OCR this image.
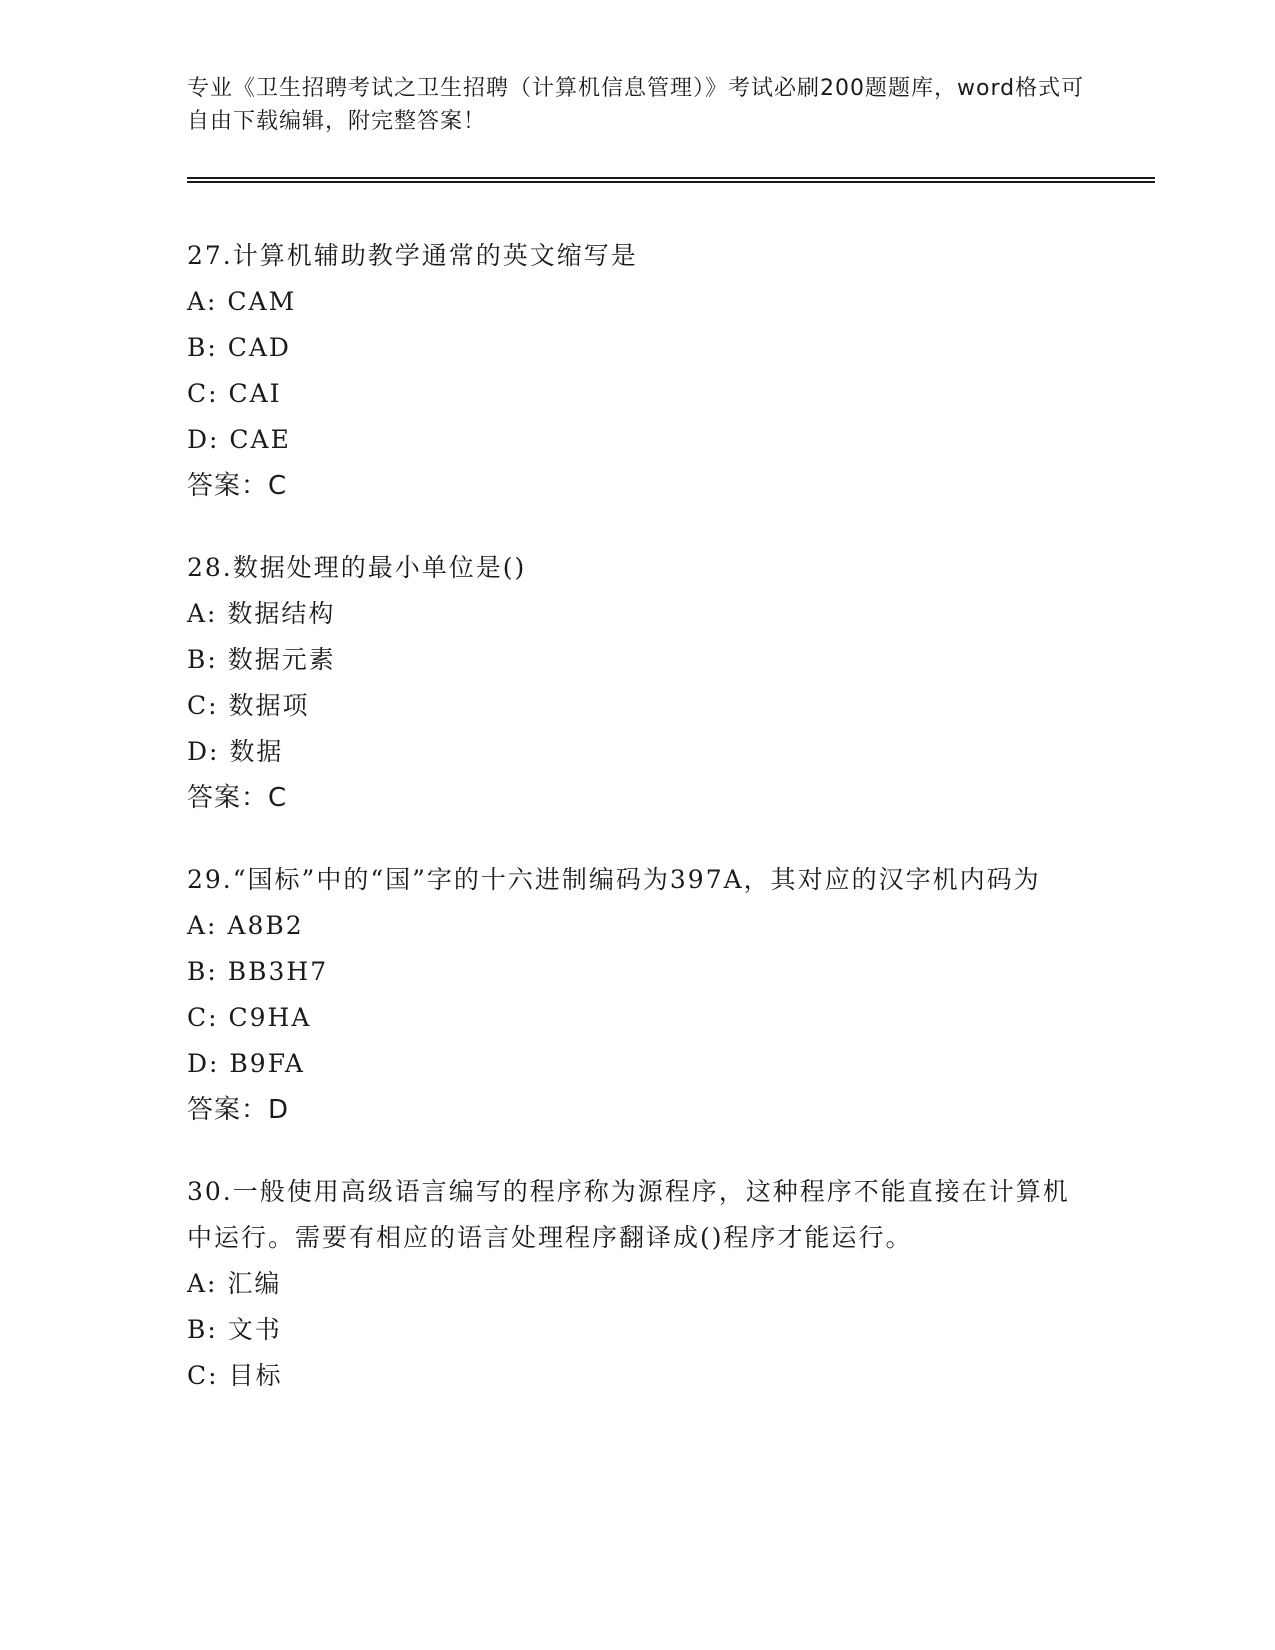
专业《卫生招聘考试之卫生招聘（计算机信息管理）》考试必刷200题题库，word格式可自由下载编辑，附完整答案！
27.计算机辅助教学通常的英文缩写是
A: CAM
B: CAD
C: CAI
D: CAE
答案：C
28.数据处理的最小单位是()
A: 数据结构
B: 数据元素
C: 数据项
D: 数据
答案：C
29.“国标”中的“国”字的十六进制编码为397A，其对应的汉字机内码为
A: A8B2
B: BB3H7
C: C9HA
D: B9FA
答案：D
30.一般使用高级语言编写的程序称为源程序，这种程序不能直接在计算机中运行。需要有相应的语言处理程序翻译成()程序才能运行。
A: 汇编
B: 文书
C: 目标
